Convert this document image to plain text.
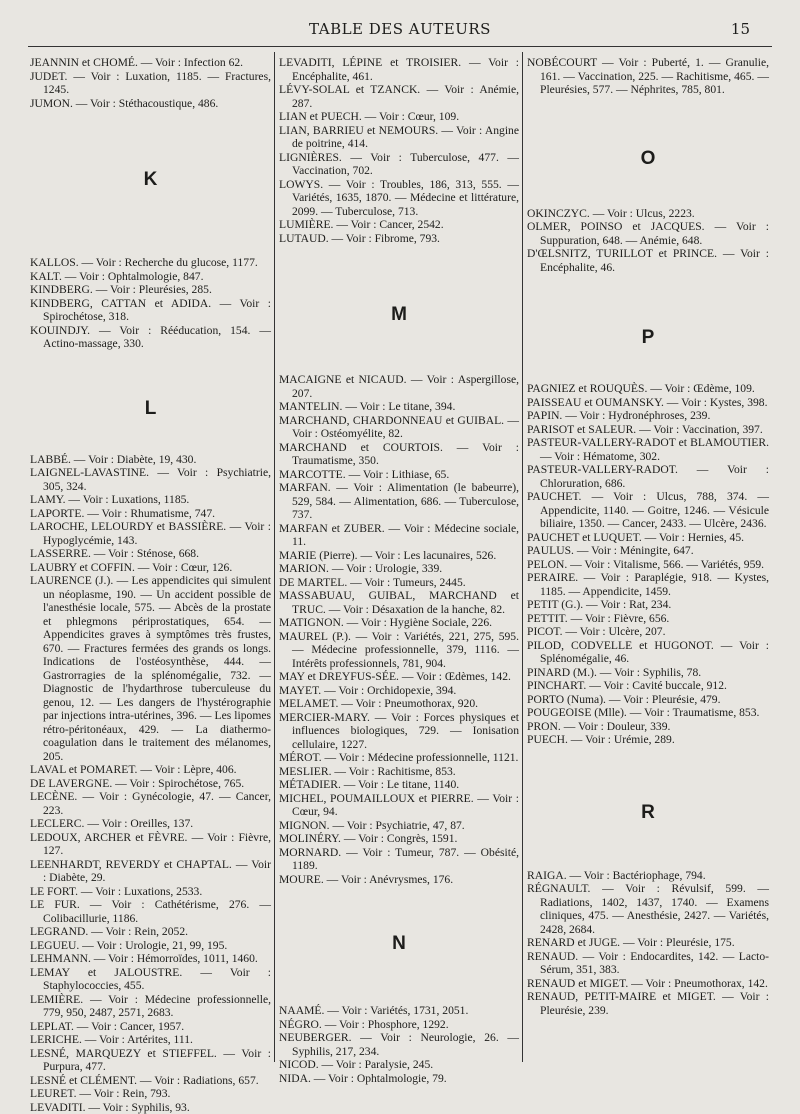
TABLE DES AUTEURS	15
JEANNIN et CHOMÉ. — Voir : Infection 62.
JUDET. — Voir : Luxation, 1185. — Fractures, 1245.
JUMON. — Voir : Stéthacoustique, 486.
K
KALLOS. — Voir : Recherche du glucose, 1177.
KALT. — Voir : Ophtalmologie, 847.
KINDBERG. — Voir : Pleurésies, 285.
KINDBERG, CATTAN et ADIDA. — Voir : Spirochétose, 318.
KOUINDJY. — Voir : Rééducation, 154. — Actino-massage, 330.
L
LABBÉ. — Voir : Diabète, 19, 430.
LAIGNEL-LAVASTINE. — Voir : Psychiatrie, 305, 324.
LAMY. — Voir : Luxations, 1185.
LAPORTE. — Voir : Rhumatisme, 747.
LAROCHE, LELOURDY et BASSIÈRE. — Voir : Hypoglycémie, 143.
LASSERRE. — Voir : Sténose, 668.
LAUBRY et COFFIN. — Voir : Cœur, 126.
LAURENCE (J.). — Les appendicites qui simulent un néoplasme, 190. — Un accident possible de l'anesthésie locale, 575. — Abcès de la prostate et phlegmons périprostatiques, 654. — Appendicites graves à symptômes très frustes, 670. — Fractures fermées des grands os longs. Indications de l'ostéosynthèse, 444. — Gastrorragies de la splénomégalie, 732. — Diagnostic de l'hydarthrose tuberculeuse du genou, 12. — Les dangers de l'hystérographie par injections intra-utérines, 396. — Les lipomes rétro-péritonéaux, 429. — La diathermo-coagulation dans le traitement des mélanomes, 205.
LAVAL et POMARET. — Voir : Lèpre, 406.
DE LAVERGNE. — Voir : Spirochétose, 765.
LECÈNE. — Voir : Gynécologie, 47. — Cancer, 223.
LECLERC. — Voir : Oreilles, 137.
LEDOUX, ARCHER et FÈVRE. — Voir : Fièvre, 127.
LEENHARDT, REVERDY et CHAPTAL. — Voir : Diabète, 29.
LE FORT. — Voir : Luxations, 2533.
LE FUR. — Voir : Cathétérisme, 276. — Colibacillurie, 1186.
LEGRAND. — Voir : Rein, 2052.
LEGUEU. — Voir : Urologie, 21, 99, 195.
LEHMANN. — Voir : Hémorroïdes, 1011, 1460.
LEMAY et JALOUSTRE. — Voir : Staphylococcies, 455.
LEMIÈRE. — Voir : Médecine professionnelle, 779, 950, 2487, 2571, 2683.
LEPLAT. — Voir : Cancer, 1957.
LERICHE. — Voir : Artérites, 111.
LESNÉ, MARQUEZY et STIEFFEL. — Voir : Purpura, 477.
LESNÉ et CLÉMENT. — Voir : Radiations, 657.
LEURET. — Voir : Rein, 793.
LEVADITI. — Voir : Syphilis, 93.
LEVADITI, LÉPINE et TROISIER. — Voir : Encéphalite, 461.
LÉVY-SOLAL et TZANCK. — Voir : Anémie, 287.
LIAN et PUECH. — Voir : Cœur, 109.
LIAN, BARRIEU et NEMOURS. — Voir : Angine de poitrine, 414.
LIGNIÈRES. — Voir : Tuberculose, 477. — Vaccination, 702.
LOWYS. — Voir : Troubles, 186, 313, 555. — Variétés, 1635, 1870. — Médecine et littérature, 2099. — Tuberculose, 713.
LUMIÈRE. — Voir : Cancer, 2542.
LUTAUD. — Voir : Fibrome, 793.
M
MACAIGNE et NICAUD. — Voir : Aspergillose, 207.
MANTELIN. — Voir : Le titane, 394.
MARCHAND, CHARDONNEAU et GUIBAL. — Voir : Ostéomyélite, 82.
MARCHAND et COURTOIS. — Voir : Traumatisme, 350.
MARCOTTE. — Voir : Lithiase, 65.
MARFAN. — Voir : Alimentation (le babeurre), 529, 584. — Alimentation, 686. — Tuberculose, 737.
MARFAN et ZUBER. — Voir : Médecine sociale, 11.
MARIE (Pierre). — Voir : Les lacunaires, 526.
MARION. — Voir : Urologie, 339.
DE MARTEL. — Voir : Tumeurs, 2445.
MASSABUAU, GUIBAL, MARCHAND et TRUC. — Voir : Désaxation de la hanche, 82.
MATIGNON. — Voir : Hygiène Sociale, 226.
MAUREL (P.). — Voir : Variétés, 221, 275, 595. — Médecine professionnelle, 379, 1116. — Intérêts professionnels, 781, 904.
MAY et DREYFUS-SÉE. — Voir : Œdèmes, 142.
MAYET. — Voir : Orchidopexie, 394.
MELAMET. — Voir : Pneumothorax, 920.
MERCIER-MARY. — Voir : Forces physiques et influences biologiques, 729. — Ionisation cellulaire, 1227.
MÉROT. — Voir : Médecine professionnelle, 1121.
MESLIER. — Voir : Rachitisme, 853.
MÉTADIER. — Voir : Le titane, 1140.
MICHEL, POUMAILLOUX et PIERRE. — Voir : Cœur, 94.
MIGNON. — Voir : Psychiatrie, 47, 87.
MOLINÉRY. — Voir : Congrès, 1591.
MORNARD. — Voir : Tumeur, 787. — Obésité, 1189.
MOURE. — Voir : Anévrysmes, 176.
N
NAAMÉ. — Voir : Variétés, 1731, 2051.
NÉGRO. — Voir : Phosphore, 1292.
NEUBERGER. — Voir : Neurologie, 26. — Syphilis, 217, 234.
NICOD. — Voir : Paralysie, 245.
NIDA. — Voir : Ophtalmologie, 79.
NOBÉCOURT — Voir : Puberté, 1. — Granulie, 161. — Vaccination, 225. — Rachitisme, 465. — Pleurésies, 577. — Néphrites, 785, 801.
O
OKINCZYC. — Voir : Ulcus, 2223.
OLMER, POINSO et JACQUES. — Voir : Suppuration, 648. — Anémie, 648.
D'ŒLSNITZ, TURILLOT et PRINCE. — Voir : Encéphalite, 46.
P
PAGNIEZ et ROUQUÈS. — Voir : Œdème, 109.
PAISSEAU et OUMANSKY. — Voir : Kystes, 398.
PAPIN. — Voir : Hydronéphroses, 239.
PARISOT et SALEUR. — Voir : Vaccination, 397.
PASTEUR-VALLERY-RADOT et BLAMOUTIER. — Voir : Hématome, 302.
PASTEUR-VALLERY-RADOT. — Voir : Chloruration, 686.
PAUCHET. — Voir : Ulcus, 788, 374. — Appendicite, 1140. — Goitre, 1246. — Vésicule biliaire, 1350. — Cancer, 2433. — Ulcère, 2436.
PAUCHET et LUQUET. — Voir : Hernies, 45.
PAULUS. — Voir : Méningite, 647.
PELON. — Voir : Vitalisme, 566. — Variétés, 959.
PERAIRE. — Voir : Paraplégie, 918. — Kystes, 1185. — Appendicite, 1459.
PETIT (G.). — Voir : Rat, 234.
PETTIT. — Voir : Fièvre, 656.
PICOT. — Voir : Ulcère, 207.
PILOD, CODVELLE et HUGONOT. — Voir : Splénomégalie, 46.
PINARD (M.). — Voir : Syphilis, 78.
PINCHART. — Voir : Cavité buccale, 912.
PORTO (Numa). — Voir : Pleurésie, 479.
POUGEOISE (Mlle). — Voir : Traumatisme, 853.
PRON. — Voir : Douleur, 339.
PUECH. — Voir : Urémie, 289.
R
RAIGA. — Voir : Bactériophage, 794.
RÉGNAULT. — Voir : Révulsif, 599. — Radiations, 1402, 1437, 1740. — Examens cliniques, 475. — Anesthésie, 2427. — Variétés, 2428, 2684.
RENARD et JUGE. — Voir : Pleurésie, 175.
RENAUD. — Voir : Endocardites, 142. — Lacto-Sérum, 351, 383.
RENAUD et MIGET. — Voir : Pneumothorax, 142.
RENAUD, PETIT-MAIRE et MIGET. — Voir : Pleurésie, 239.
